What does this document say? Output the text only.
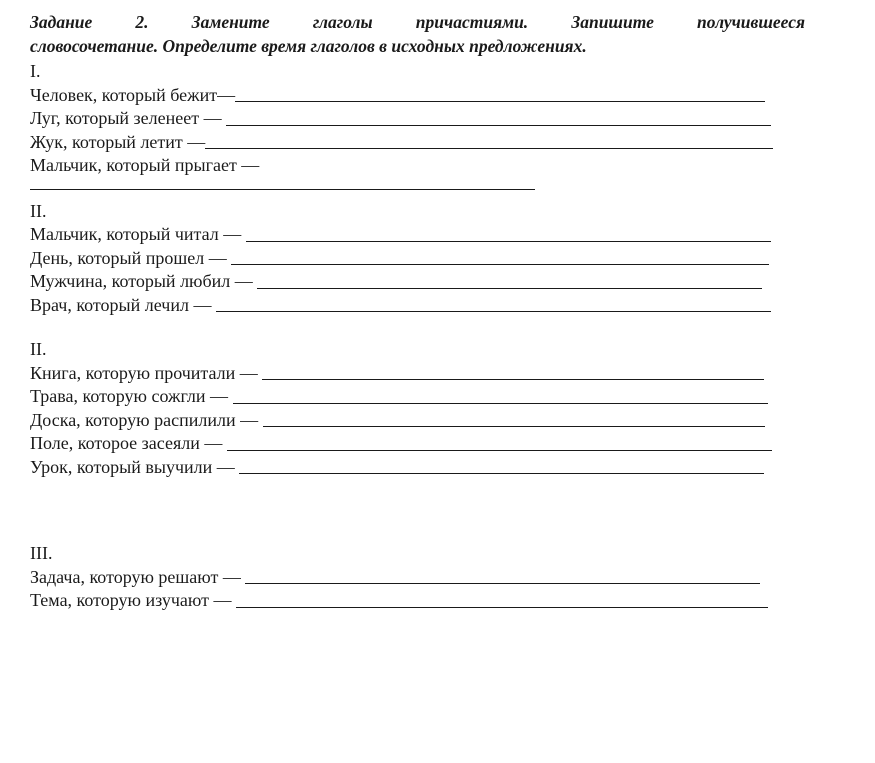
Задание 2. Замените глаголы причастиями. Запишите получившееся
словосочетание. Определите время глаголов в исходных предложениях.

I.
Человек, который бежит—
Луг, который зеленеет —
Жук, который летит —
Мальчик, который прыгает —
II.
Мальчик, который читал —
День, который прошел —
Мужчина, который любил —
Врач, который лечил —
II.
Книга, которую прочитали —
Трава, которую сожгли —
Доска, которую распилили —
Поле, которое засеяли —
Урок, который выучили —
III.
Задача, которую решают —
Тема, которую изучают —
